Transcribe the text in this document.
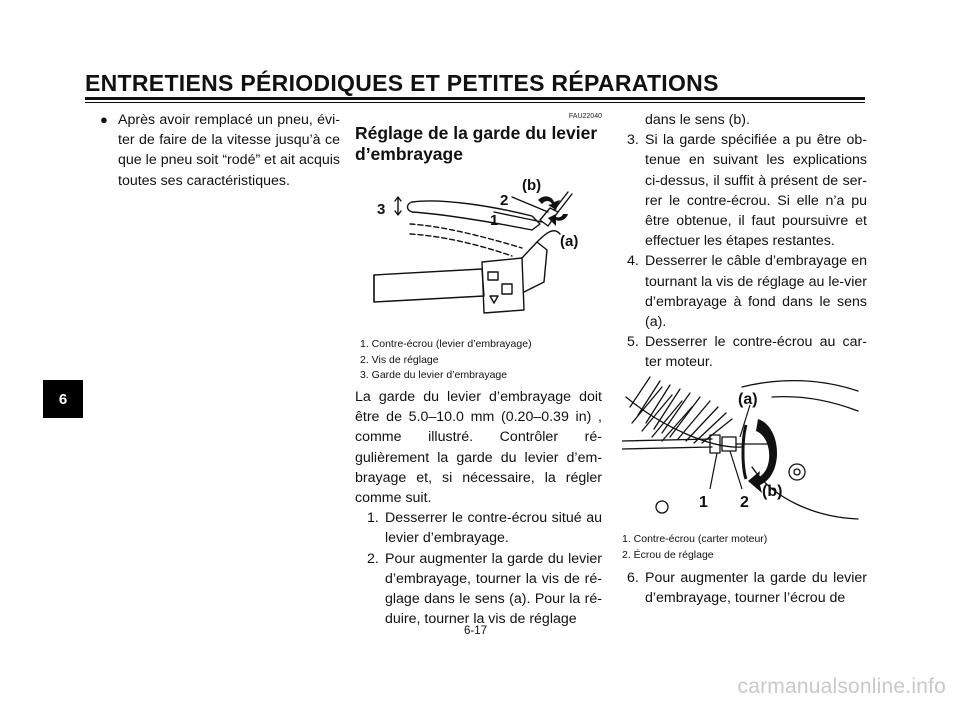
ENTRETIENS PÉRIODIQUES ET PETITES RÉPARATIONS
6
● Après avoir remplacé un pneu, évi-ter de faire de la vitesse jusqu’à ce que le pneu soit “rodé” et ait acquis toutes ses caractéristiques.
FAU22040
Réglage de la garde du levier d’embrayage
3
2
1
(b)
(a)
1. Contre-écrou (levier d’embrayage)
2. Vis de réglage
3. Garde du levier d’embrayage
La garde du levier d’embrayage doit être de 5.0–10.0 mm (0.20–0.39 in) , comme illustré. Contrôler ré-gulièrement la garde du levier d’em-brayage et, si nécessaire, la régler comme suit.
1. Desserrer le contre-écrou situé au levier d’embrayage.
2. Pour augmenter la garde du levier d’embrayage, tourner la vis de ré-glage dans le sens (a). Pour la ré-duire, tourner la vis de réglage
dans le sens (b).
3. Si la garde spécifiée a pu être ob-tenue en suivant les explications ci-dessus, il suffit à présent de ser-rer le contre-écrou. Si elle n’a pu être obtenue, il faut poursuivre et effectuer les étapes restantes.
4. Desserrer le câble d’embrayage en tournant la vis de réglage au le-vier d’embrayage à fond dans le sens (a).
5. Desserrer le contre-écrou au car-ter moteur.
(a)
(b)
1 2
1. Contre-écrou (carter moteur)
2. Écrou de réglage
6. Pour augmenter la garde du levier d’embrayage, tourner l’écrou de
6-17
carmanualsonline.info
